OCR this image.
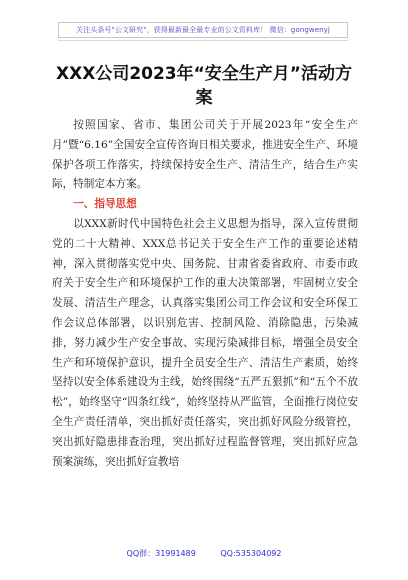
关注头条号"公文研究"，获得最新最全最专业的公文资料库！ 微信：gongwenyj
XXX公司2023年“安全生产月”活动方案

按照国家、省市、集团公司关于开展2023年“安全生产月”暨“6.16”全国安全宣传咨询日相关要求，推进安全生产、环境保护各项工作落实，持续保持安全生产、清洁生产，结合生产实际，特制定本方案。

一、指导思想

以XXX新时代中国特色社会主义思想为指导，深入宣传贯彻党的二十大精神、XXX总书记关于安全生产工作的重要论述精神，深入贯彻落实党中央、国务院、甘肃省委省政府、市委市政府关于安全生产和环境保护工作的重大决策部署，牢固树立安全发展、清洁生产理念，认真落实集团公司工作会议和安全环保工作会议总体部署，以识别危害、控制风险、消除隐患，污染减排，努力减少生产安全事故、实现污染减排目标，增强全员安全生产和环境保护意识，提升全员安全生产、清洁生产素质，始终坚持以安全体系建设为主线，始终围绕“五严五狠抓”和“五个不放松”，始终坚守“四条红线”，始终坚持从严监管，全面推行岗位安全生产责任清单，突出抓好责任落实，突出抓好风险分级管控，突出抓好隐患排查治理，突出抓好过程监督管理，突出抓好应急预案演练，突出抓好宣教培

QQ群：31991489	QQ:535304092
